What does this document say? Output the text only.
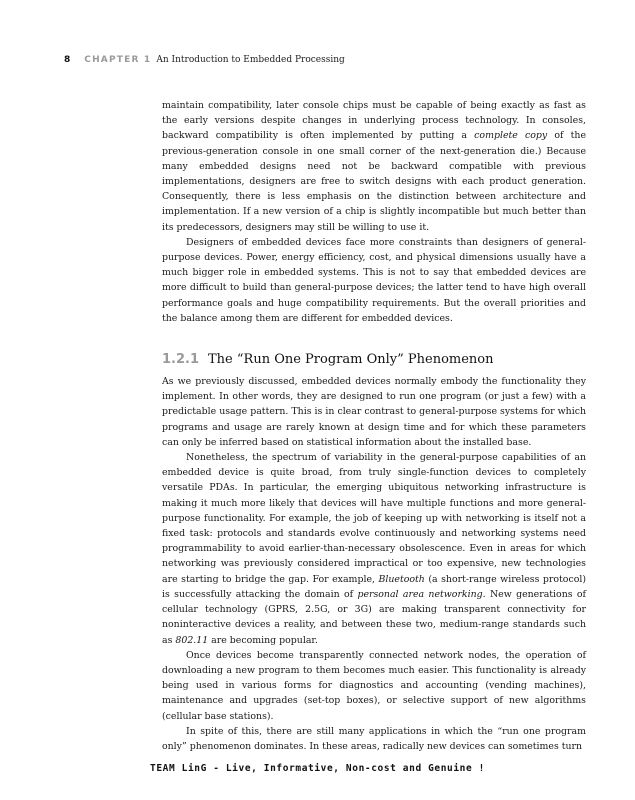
8 CHAPTER 1 An Introduction to Embedded Processing

maintain compatibility, later console chips must be capable of being exactly as fast as the early versions despite changes in underlying process technology. In consoles, backward compatibility is often implemented by putting a complete copy of the previous-generation console in one small corner of the next-generation die.) Because many embedded designs need not be backward compatible with previous implementations, designers are free to switch designs with each product generation. Consequently, there is less emphasis on the distinction between architecture and implementation. If a new version of a chip is slightly incompatible but much better than its predecessors, designers may still be willing to use it.

Designers of embedded devices face more constraints than designers of general-purpose devices. Power, energy efficiency, cost, and physical dimensions usually have a much bigger role in embedded systems. This is not to say that embedded devices are more difficult to build than general-purpose devices; the latter tend to have high overall performance goals and huge compatibility requirements. But the overall priorities and the balance among them are different for embedded devices.

1.2.1 The “Run One Program Only” Phenomenon

As we previously discussed, embedded devices normally embody the functionality they implement. In other words, they are designed to run one program (or just a few) with a predictable usage pattern. This is in clear contrast to general-purpose systems for which programs and usage are rarely known at design time and for which these parameters can only be inferred based on statistical information about the installed base.

Nonetheless, the spectrum of variability in the general-purpose capabilities of an embedded device is quite broad, from truly single-function devices to completely versatile PDAs. In particular, the emerging ubiquitous networking infrastructure is making it much more likely that devices will have multiple functions and more general-purpose functionality. For example, the job of keeping up with networking is itself not a fixed task: protocols and standards evolve continuously and networking systems need programmability to avoid earlier-than-necessary obsolescence. Even in areas for which networking was previously considered impractical or too expensive, new technologies are starting to bridge the gap. For example, Bluetooth (a short-range wireless protocol) is successfully attacking the domain of personal area networking. New generations of cellular technology (GPRS, 2.5G, or 3G) are making transparent connectivity for noninteractive devices a reality, and between these two, medium-range standards such as 802.11 are becoming popular.

Once devices become transparently connected network nodes, the operation of downloading a new program to them becomes much easier. This functionality is already being used in various forms for diagnostics and accounting (vending machines), maintenance and upgrades (set-top boxes), or selective support of new algorithms (cellular base stations).

In spite of this, there are still many applications in which the “run one program only” phenomenon dominates. In these areas, radically new devices can sometimes turn

TEAM LinG - Live, Informative, Non-cost and Genuine !
